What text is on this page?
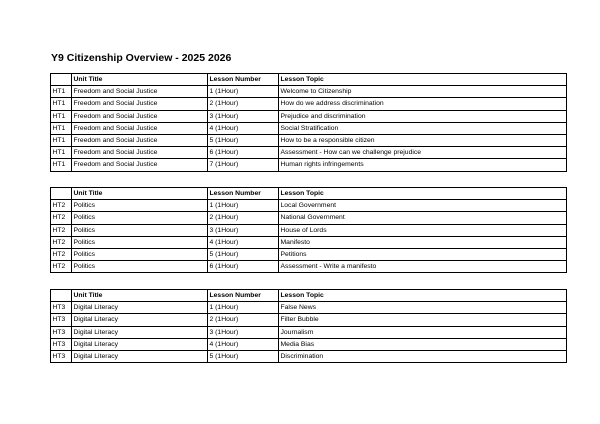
Y9 Citizenship Overview - 2025 2026
	Unit Title	Lesson Number	Lesson Topic
HT1	Freedom and Social Justice	1 (1Hour)	Welcome to Citizenship
HT1	Freedom and Social Justice	2 (1Hour)	How do we address discrimination
HT1	Freedom and Social Justice	3 (1Hour)	Prejudice and discrimination
HT1	Freedom and Social Justice	4 (1Hour)	Social Stratification
HT1	Freedom and Social Justice	5 (1Hour)	How to be a responsible citizen
HT1	Freedom and Social Justice	6 (1Hour)	Assessment - How can we challenge prejudice
HT1	Freedom and Social Justice	7 (1Hour)	Human rights infringements
	Unit Title	Lesson Number	Lesson Topic
HT2	Politics	1 (1Hour)	Local Government
HT2	Politics	2 (1Hour)	National Government
HT2	Politics	3 (1Hour)	House of Lords
HT2	Politics	4 (1Hour)	Manifesto
HT2	Politics	5 (1Hour)	Petitions
HT2	Politics	6 (1Hour)	Assessment - Write a manifesto
	Unit Title	Lesson Number	Lesson Topic
HT3	Digital Literacy	1 (1Hour)	False News
HT3	Digital Literacy	2 (1Hour)	Filter Bubble
HT3	Digital Literacy	3 (1Hour)	Journalism
HT3	Digital Literacy	4 (1Hour)	Media Bias
HT3	Digital Literacy	5 (1Hour)	Discrimination
